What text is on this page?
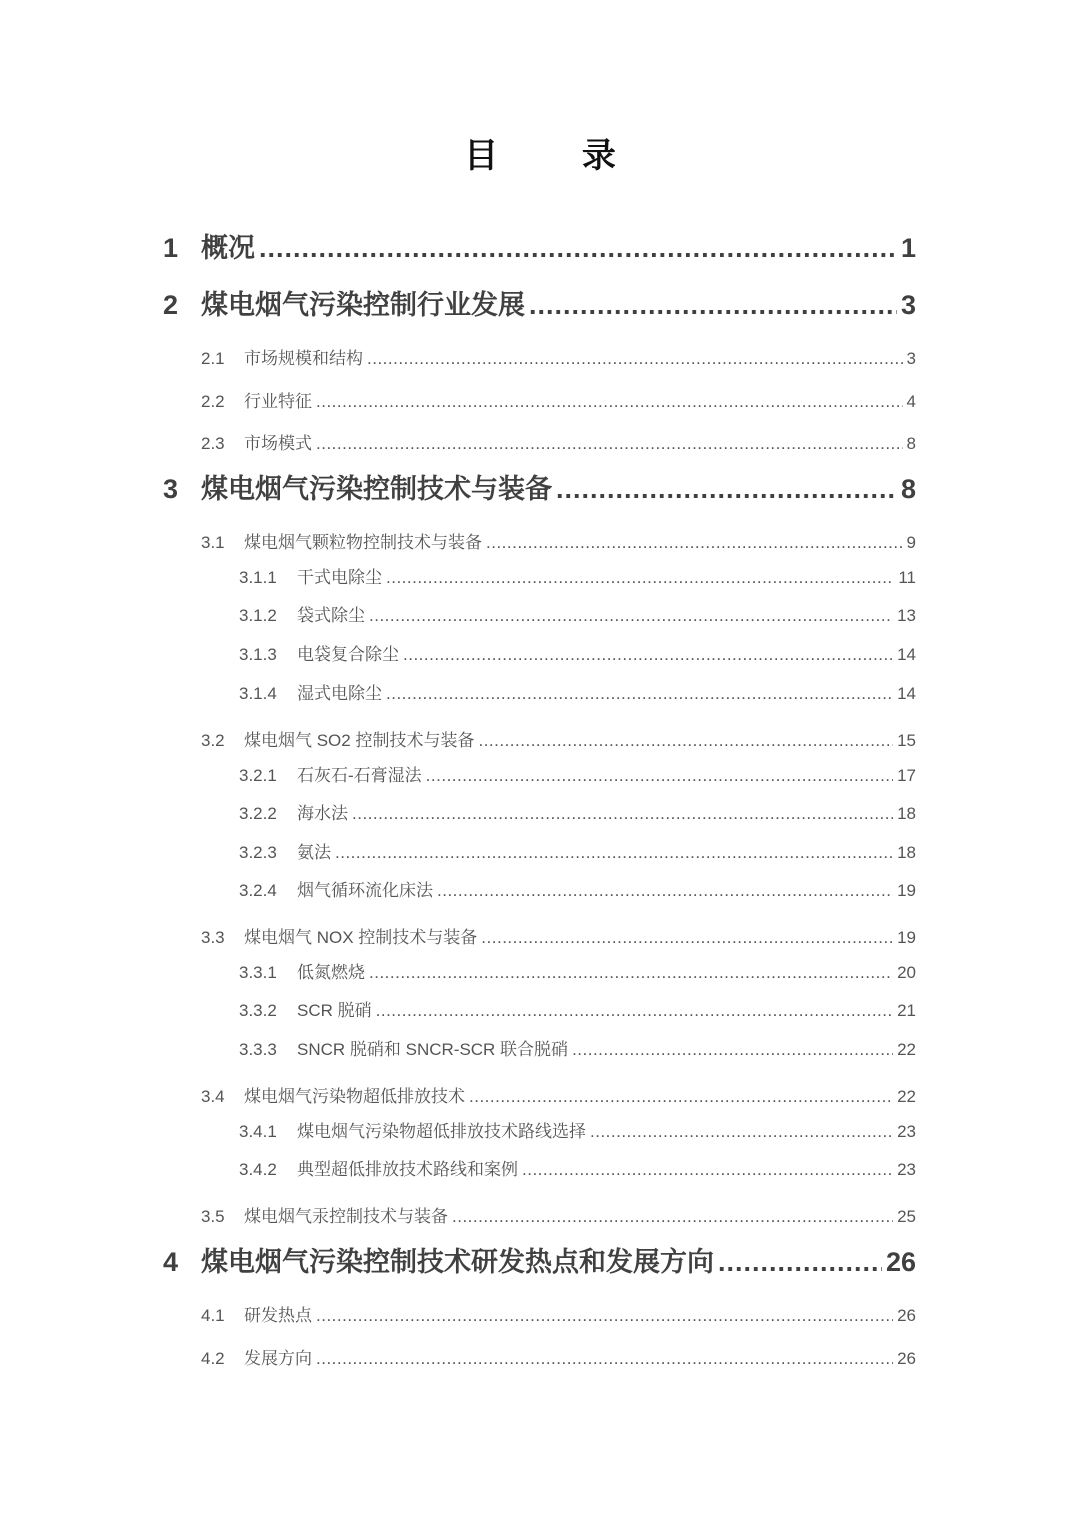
目 录
1 概况 .....	1
2 煤电烟气污染控制行业发展 .....	3
2.1	市场规模和结构 .....	3
2.2	行业特征 .....	4
2.3	市场模式 .....	8
3 煤电烟气污染控制技术与装备 .....	8
3.1	煤电烟气颗粒物控制技术与装备 .....	9
3.1.1	干式电除尘 .....	11
3.1.2	袋式除尘 .....	13
3.1.3	电袋复合除尘 .....	14
3.1.4	湿式电除尘 .....	14
3.2	煤电烟气 SO2 控制技术与装备 .....	15
3.2.1	石灰石-石膏湿法 .....	17
3.2.2	海水法 .....	18
3.2.3	氨法 .....	18
3.2.4	烟气循环流化床法 .....	19
3.3	煤电烟气 NOX 控制技术与装备 .....	19
3.3.1	低氮燃烧 .....	20
3.3.2	SCR 脱硝 .....	21
3.3.3	SNCR 脱硝和 SNCR-SCR 联合脱硝 .....	22
3.4	煤电烟气污染物超低排放技术 .....	22
3.4.1	煤电烟气污染物超低排放技术路线选择 .....	23
3.4.2	典型超低排放技术路线和案例 .....	23
3.5	煤电烟气汞控制技术与装备 .....	25
4 煤电烟气污染控制技术研发热点和发展方向 .....	26
4.1	研发热点 .....	26
4.2	发展方向 .....	26
